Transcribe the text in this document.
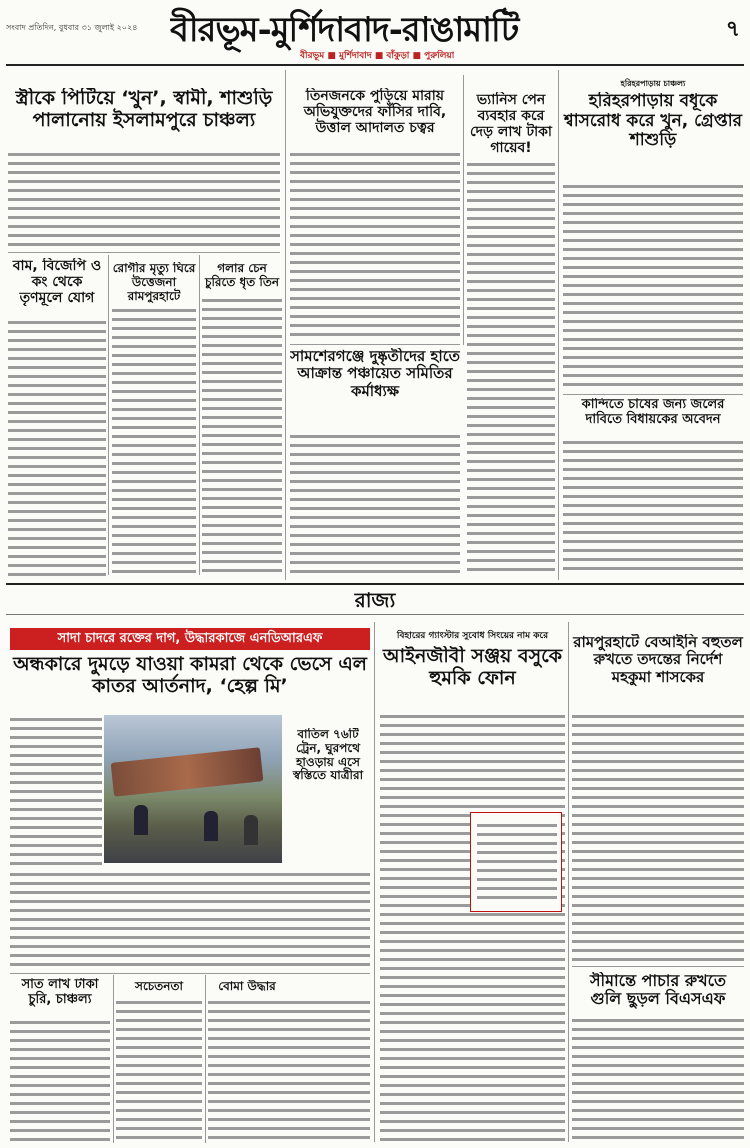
সংবাদ প্রতিদিন, বুধবার ৩১ জুলাই ২০২৪ বীরভূম-মুর্শিদাবাদ-রাঙামাটি	৭
বীরভূম ■ মুর্শিদাবাদ ■ বাঁকুড়া ■ পুরুলিয়া
স্ত্রীকে পিটিয়ে ‘খুন’, স্বামী, শাশুড়ি পালানোয় ইসলামপুরে চাঞ্চল্য
বাম, বিজেপি ও কং থেকে তৃণমূলে যোগ
রোগীর মৃত্যু ঘিরে উত্তেজনা রামপুরহাটে
গলার চেন চুরিতে ধৃত তিন
তিনজনকে পুড়িয়ে মারায় অভিযুক্তদের ফাঁসির দাবি, উত্তাল আদালত চত্বর
ভ্যানিস পেন ব্যবহার করে দেড় লাখ টাকা গায়েব!
সামশেরগঞ্জে দুষ্কৃতীদের হাতে আক্রান্ত পঞ্চায়েত সমিতির কর্মাধ্যক্ষ
হরিহরপাড়ায় চাঞ্চল্য
হরিহরপাড়ায় বধূকে শ্বাসরোধ করে খুন, গ্রেপ্তার শাশুড়ি
কান্দিতে চাষের জন্য জলের দাবিতে বিধায়কের অবেদন
রাজ্য
সাদা চাদরে রক্তের দাগ, উদ্ধারকাজে এনডিআরএফ
অন্ধকারে দুমড়ে যাওয়া কামরা থেকে ভেসে এল কাতর আর্তনাদ, ‘হেল্প মি’
বাতিল ৭৬টি ট্রেন, ঘুরপথে হাওড়ায় এসে স্বস্তিতে যাত্রীরা
সাত লাখ টাকা চুরি, চাঞ্চল্য
সচেতনতা	বোমা উদ্ধার
বিহারের গ্যাংস্টার সুবোধ সিংয়ের নাম করে
আইনজীবী সঞ্জয় বসুকে হুমকি ফোন
রামপুরহাটে বেআইনি বহুতল রুখতে তদন্তের নির্দেশ মহকুমা শাসকের
সীমান্তে পাচার রুখতে গুলি ছুড়ল বিএসএফ
